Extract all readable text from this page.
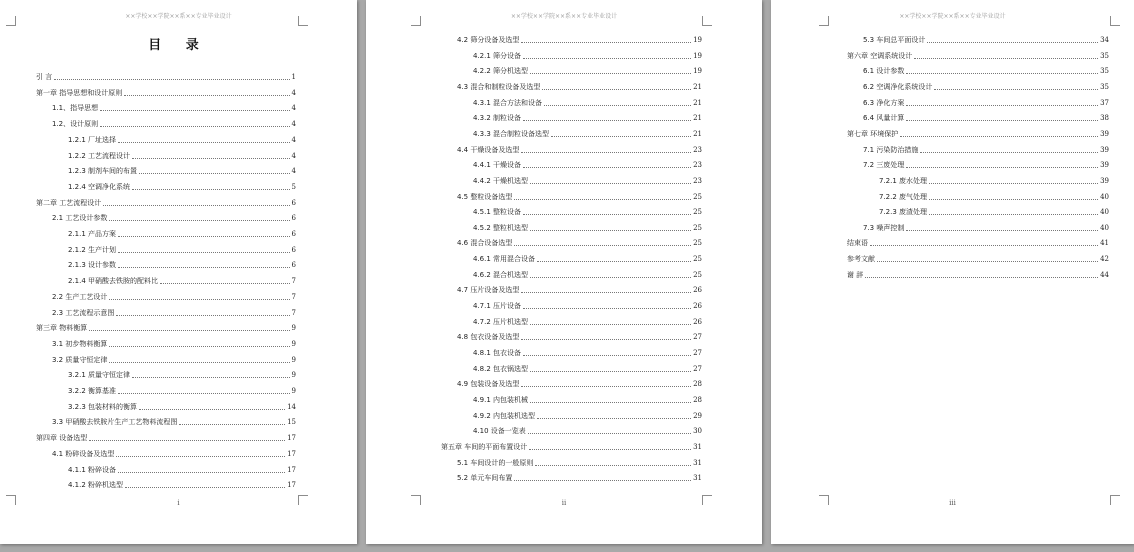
××学校××学院××系××专业毕业设计
目 录
引 言	1
第一章 指导思想和设计原则	4
1.1、指导思想	4
1.2、设计原则	4
1.2.1 厂址选择	4
1.2.2 工艺流程设计	4
1.2.3 制剂车间的布置	4
1.2.4 空调净化系统	5
第二章 工艺流程设计	6
2.1 工艺设计参数	6
2.1.1 产品方案	6
2.1.2 生产计划	6
2.1.3 设计参数	6
2.1.4 甲硝酸去铁胺的配料比	7
2.2 生产工艺设计	7
2.3 工艺流程示意图	7
第三章 物料衡算	9
3.1 初步物料衡算	9
3.2 质量守恒定律	9
3.2.1 质量守恒定律	9
3.2.2 衡算基准	9
3.2.3 包装材料的衡算	14
3.3 甲硝酸去铁胺片生产工艺物料流程图	15
第四章 设备选型	17
4.1 粉碎设备及选型	17
4.1.1 粉碎设备	17
4.1.2 粉碎机选型	17
i
××学校××学院××系××专业毕业设计
4.2 筛分设备及选型	19
4.2.1 筛分设备	19
4.2.2 筛分机选型	19
4.3 混合和制粒设备及选型	21
4.3.1 混合方法和设备	21
4.3.2 制粒设备	21
4.3.3 混合制粒设备选型	21
4.4 干燥设备及选型	23
4.4.1 干燥设备	23
4.4.2 干燥机选型	23
4.5 整粒设备选型	25
4.5.1 整粒设备	25
4.5.2 整粒机选型	25
4.6 混合设备选型	25
4.6.1 常用混合设备	25
4.6.2 混合机选型	25
4.7 压片设备及选型	26
4.7.1 压片设备	26
4.7.2 压片机选型	26
4.8 包衣设备及选型	27
4.8.1 包衣设备	27
4.8.2 包衣锅选型	27
4.9 包装设备及选型	28
4.9.1 内包装机械	28
4.9.2 内包装机选型	29
4.10 设备一览表	30
第五章 车间的平面布置设计	31
5.1 车间设计的一般原则	31
5.2 单元车间布置	31
ii
××学校××学院××系××专业毕业设计
5.3 车间总平面设计	34
第六章 空调系统设计	35
6.1 设计参数	35
6.2 空调净化系统设计	35
6.3 净化方案	37
6.4 风量计算	38
第七章 环境保护	39
7.1 污染防治措施	39
7.2 三废处理	39
7.2.1 废水处理	39
7.2.2 废气处理	40
7.2.3 废渣处理	40
7.3 噪声控制	40
结束语	41
参考文献	42
谢 辞	44
iii
